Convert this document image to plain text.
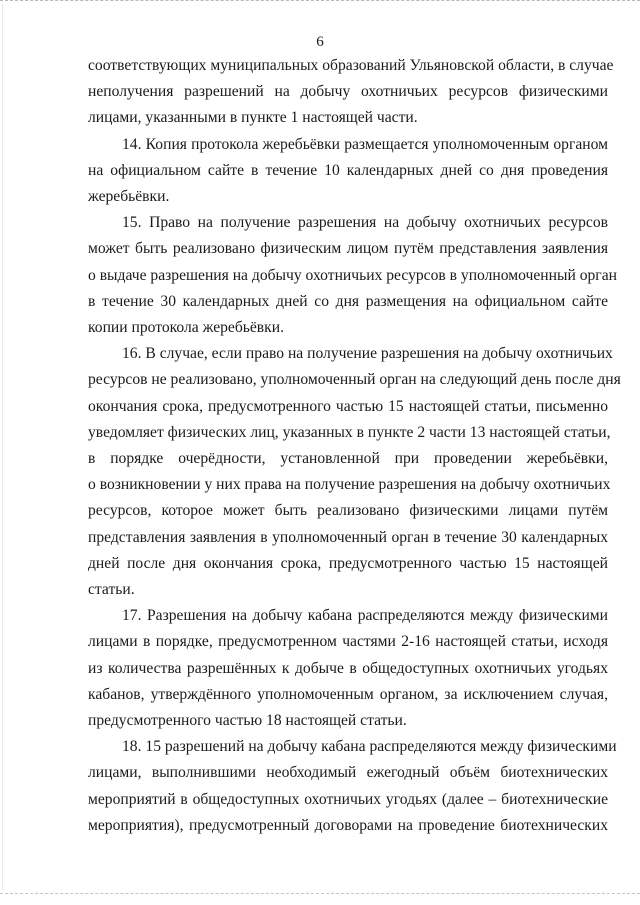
6
соответствующих муниципальных образований Ульяновской области, в случае
неполучения разрешений на добычу охотничьих ресурсов физическими
лицами, указанными в пункте 1 настоящей части.
14. Копия протокола жеребьёвки размещается уполномоченным органом
на официальном сайте в течение 10 календарных дней со дня проведения
жеребьёвки.
15. Право на получение разрешения на добычу охотничьих ресурсов
может быть реализовано физическим лицом путём представления заявления
о выдаче разрешения на добычу охотничьих ресурсов в уполномоченный орган
в течение 30 календарных дней со дня размещения на официальном сайте
копии протокола жеребьёвки.
16. В случае, если право на получение разрешения на добычу охотничьих
ресурсов не реализовано, уполномоченный орган на следующий день после дня
окончания срока, предусмотренного частью 15 настоящей статьи, письменно
уведомляет физических лиц, указанных в пункте 2 части 13 настоящей статьи,
в порядке очерёдности, установленной при проведении жеребьёвки,
о возникновении у них права на получение разрешения на добычу охотничьих
ресурсов, которое может быть реализовано физическими лицами путём
представления заявления в уполномоченный орган в течение 30 календарных
дней после дня окончания срока, предусмотренного частью 15 настоящей
статьи.
17. Разрешения на добычу кабана распределяются между физическими
лицами в порядке, предусмотренном частями 2-16 настоящей статьи, исходя
из количества разрешённых к добыче в общедоступных охотничьих угодьях
кабанов, утверждённого уполномоченным органом, за исключением случая,
предусмотренного частью 18 настоящей статьи.
18. 15 разрешений на добычу кабана распределяются между физическими
лицами, выполнившими необходимый ежегодный объём биотехнических
мероприятий в общедоступных охотничьих угодьях (далее – биотехнические
мероприятия), предусмотренный договорами на проведение биотехнических
